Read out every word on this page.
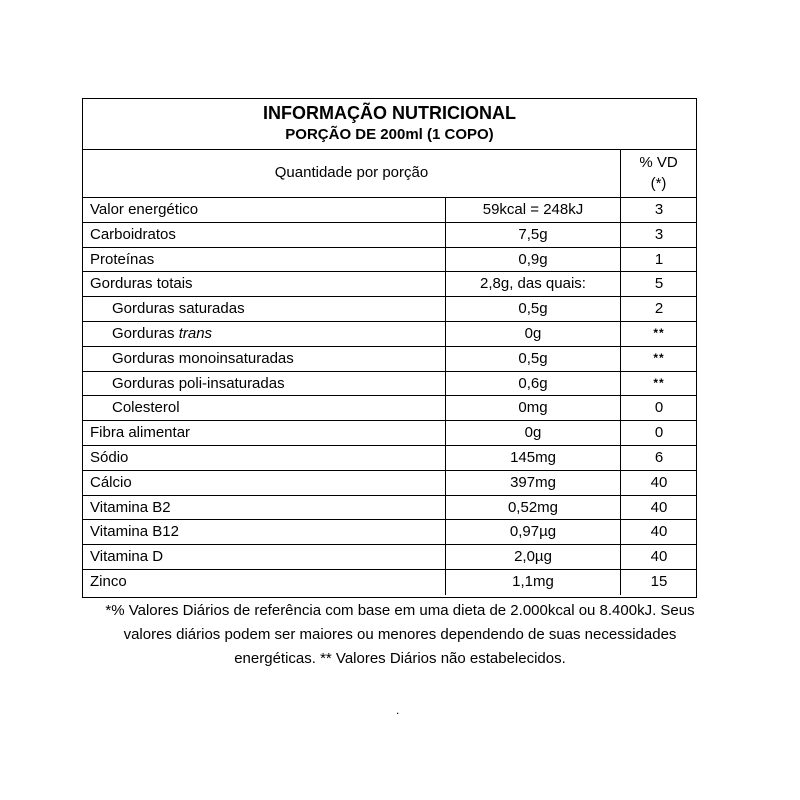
INFORMAÇÃO NUTRICIONAL
PORÇÃO DE 200ml (1 COPO)
Quantidade por porção
% VD
(*)
Valor energético	59kcal = 248kJ	3
Carboidratos	7,5g	3
Proteínas	0,9g	1
Gorduras totais	2,8g, das quais:	5
Gorduras saturadas	0,5g	2
Gorduras trans	0g	**
Gorduras monoinsaturadas	0,5g	**
Gorduras poli-insaturadas	0,6g	**
Colesterol	0mg	0
Fibra alimentar	0g	0
Sódio	145mg	6
Cálcio	397mg	40
Vitamina B2	0,52mg	40
Vitamina B12	0,97µg	40
Vitamina D	2,0µg	40
Zinco	1,1mg	15
*% Valores Diários de referência com base em uma dieta de 2.000kcal ou 8.400kJ. Seus
valores diários podem ser maiores ou menores dependendo de suas necessidades
energéticas. ** Valores Diários não estabelecidos.
.
